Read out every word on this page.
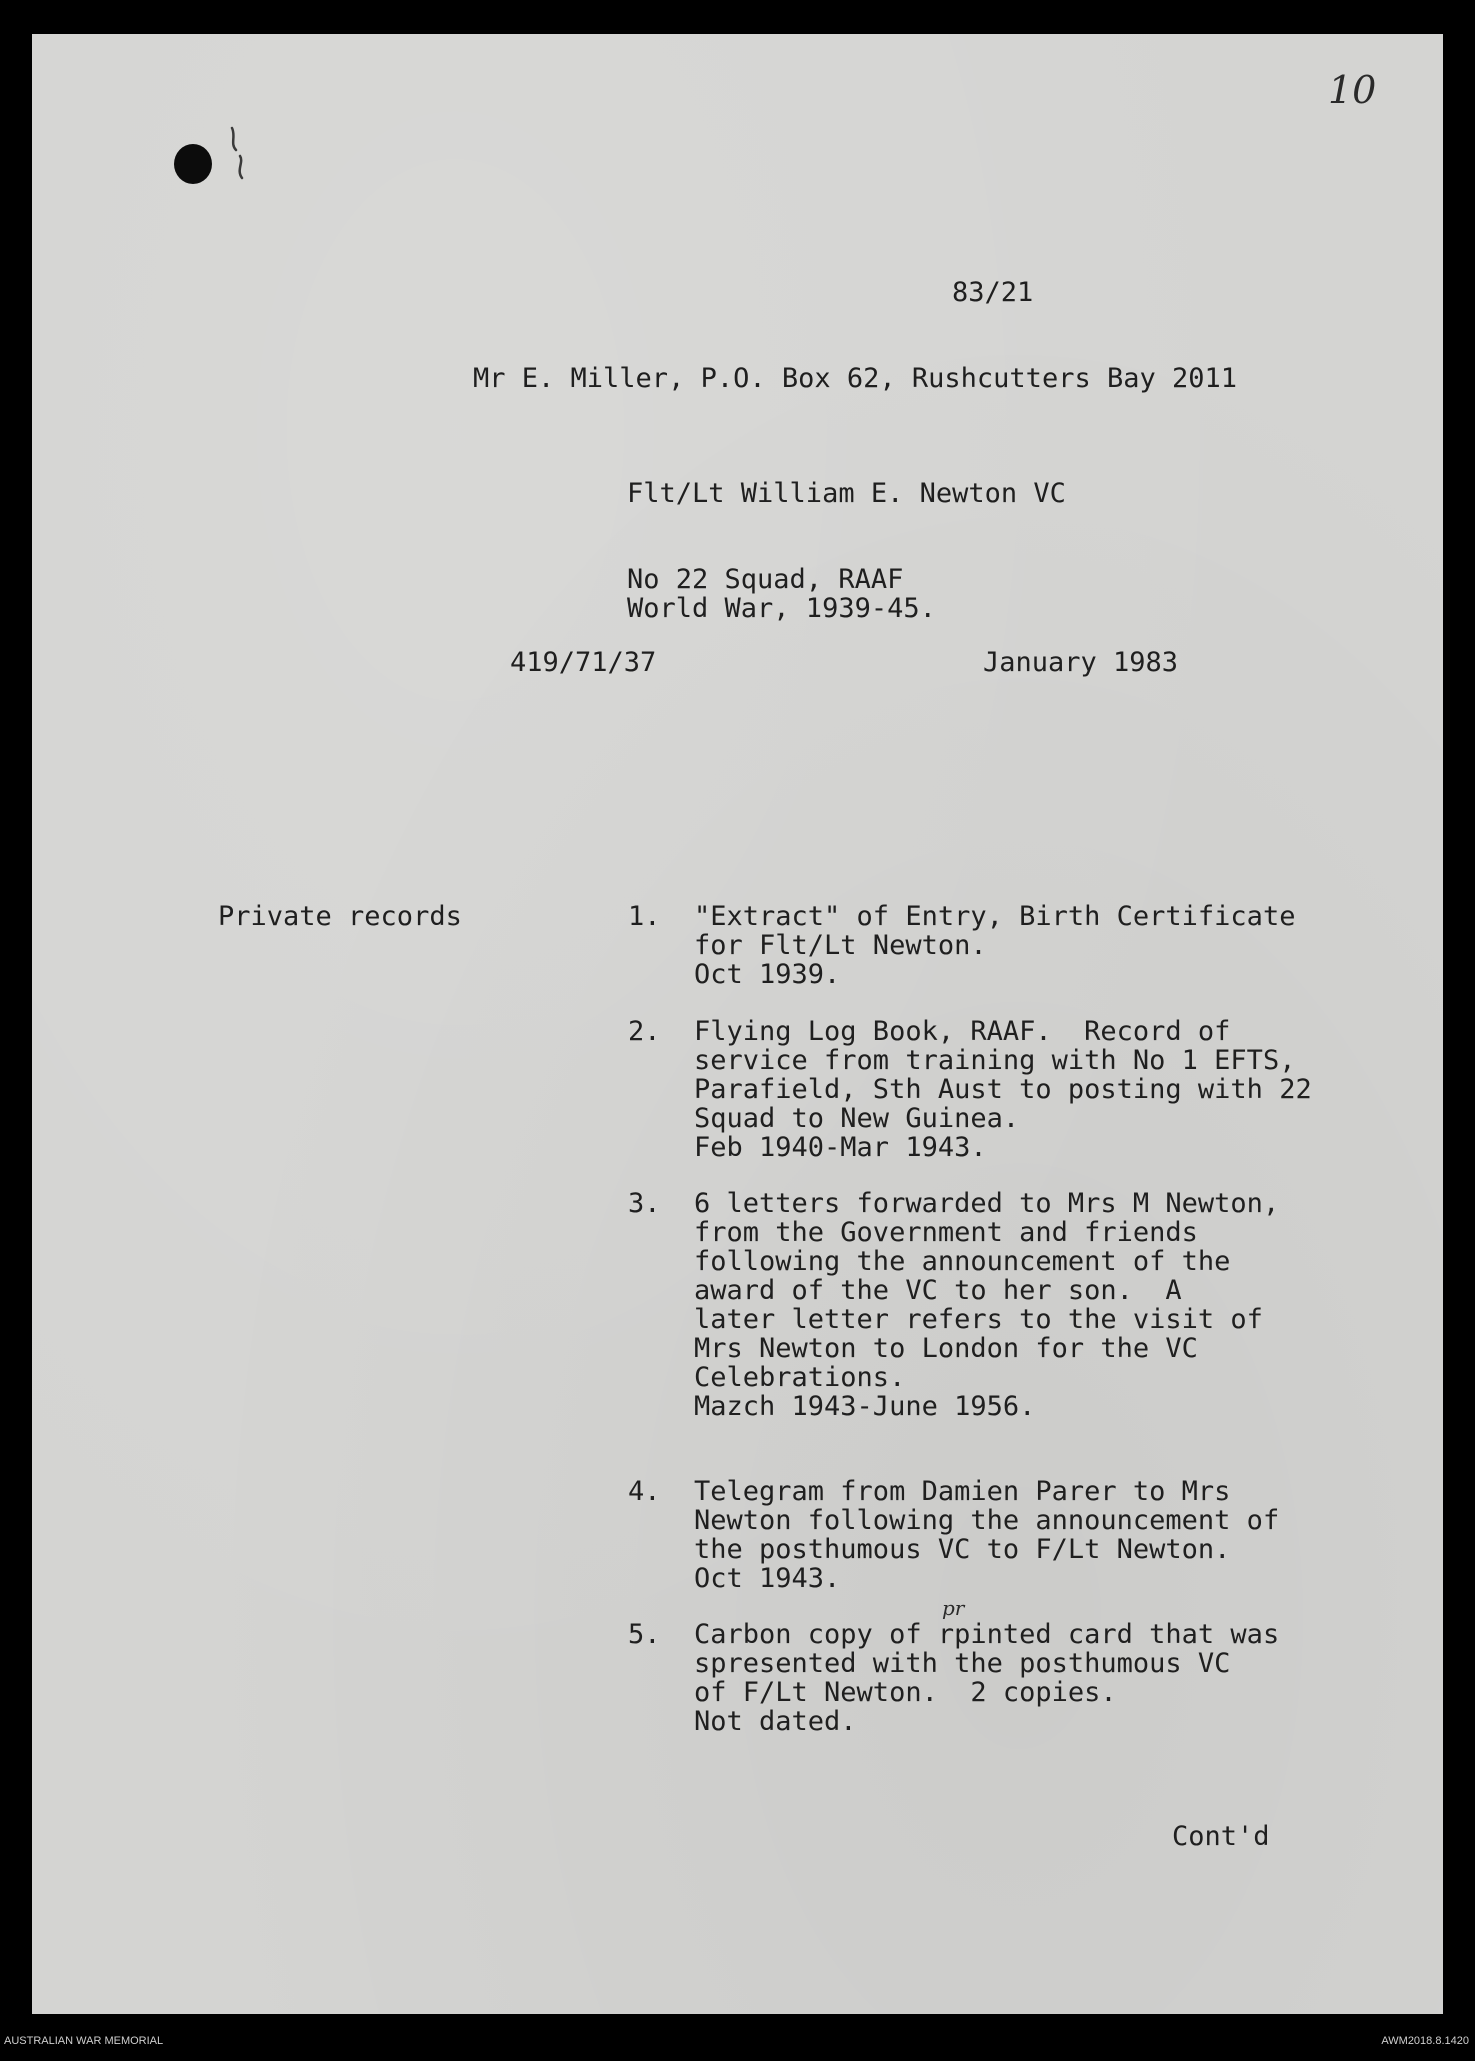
10

83/21

Mr E. Miller, P.O. Box 62, Rushcutters Bay 2011

Flt/Lt William E. Newton VC

No 22 Squad, RAAF

World War, 1939-45.

419/71/37	January 1983

Private records	1. "Extract" of Entry, Birth Certificate

for Flt/Lt Newton.

Oct 1939.

2. Flying Log Book, RAAF.  Record of

service from training with No 1 EFTS,

Parafield, Sth Aust to posting with 22

Squad to New Guinea.

Feb 1940-Mar 1943.

3. 6 letters forwarded to Mrs M Newton,

from the Government and friends

following the announcement of the

award of the VC to her son.  A

later letter refers to the visit of

Mrs Newton to London for the VC

Celebrations.

Mazch 1943-June 1956.

4. Telegram from Damien Parer to Mrs

Newton following the announcement of

the posthumous VC to F/Lt Newton.

Oct 1943.

5. Carbon copy of rpinted card that was

spresented with the posthumous VC

of F/Lt Newton.  2 copies.

Not dated.

pr

Cont'd

AUSTRALIAN WAR MEMORIAL	AWM2018.8.1420
